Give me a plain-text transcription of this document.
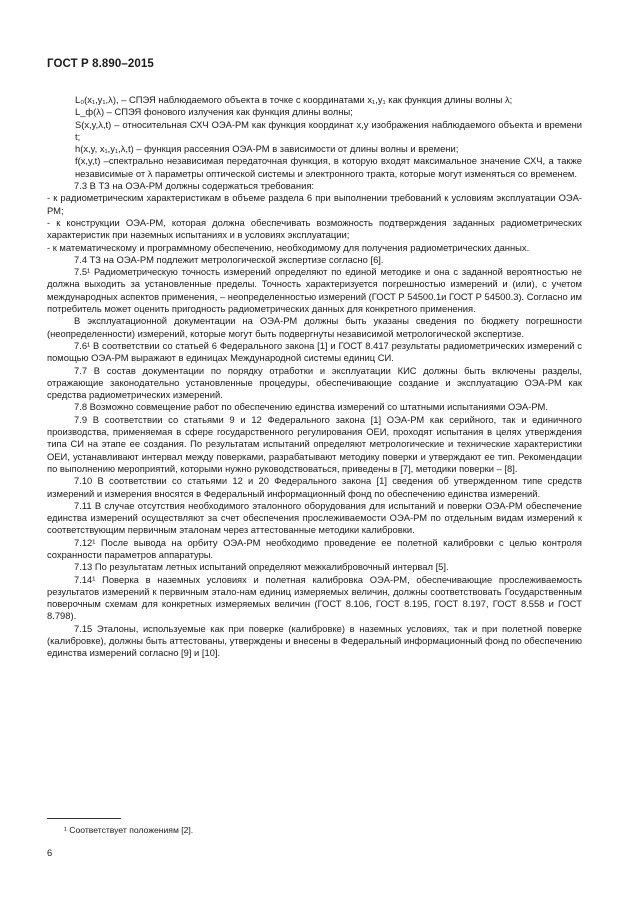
ГОСТ Р 8.890–2015

L₀(x₁,y₁,λ), – СПЭЯ наблюдаемого объекта в точке с координатами x₁,y₁ как функция длины волны λ;

L_ф(λ) – СПЭЯ фонового излучения как функция длины волны;

S(x,y,λ,t) – относительная СХЧ ОЭА-РМ как функция координат x,y изображения наблюдаемого объекта и времени t;

h(x,y, x₁,y₁,λ,t) – функция рассеяния ОЭА-РМ в зависимости от длины волны и времени;

f(x,y,t) –спектрально независимая передаточная функция, в которую входят максимальное значение СХЧ, а также независимые от λ параметры оптической системы и электронного тракта, которые могут изменяться со временем.

7.3 В ТЗ на ОЭА-РМ должны содержаться требования:

- к радиометрическим характеристикам в объеме раздела 6 при выполнении требований к условиям эксплуатации ОЭА-РМ;

- к конструкции ОЭА-РМ, которая должна обеспечивать возможность подтверждения заданных радиометрических характеристик при наземных испытаниях и в условиях эксплуатации;

- к математическому и программному обеспечению, необходимому для получения радиометрических данных.

7.4 ТЗ на ОЭА-РМ подлежит метрологической экспертизе согласно [6].

7.5¹ Радиометрическую точность измерений определяют по единой методике и она с заданной вероятностью не должна выходить за установленные пределы. Точность характеризуется погрешностью измерений и (или), с учетом международных аспектов применения, – неопределенностью измерений (ГОСТ Р 54500.1и ГОСТ Р 54500.3). Согласно им потребитель может оценить пригодность радиометрических данных для конкретного применения.

В эксплуатационной документации на ОЭА-РМ должны быть указаны сведения по бюджету погрешности (неопределенности) измерений, которые могут быть подвергнуты независимой метрологической экспертизе.

7.6¹ В соответствии со статьей 6 Федерального закона [1] и ГОСТ 8.417 результаты радиометрических измерений с помощью ОЭА-РМ выражают в единицах Международной системы единиц СИ.

7.7 В состав документации по порядку отработки и эксплуатации КИС должны быть включены разделы, отражающие законодательно установленные процедуры, обеспечивающие создание и эксплуатацию ОЭА-РМ как средства радиометрических измерений.

7.8 Возможно совмещение работ по обеспечению единства измерений со штатными испытаниями ОЭА-РМ.

7.9 В соответствии со статьями 9 и 12 Федерального закона [1] ОЭА-РМ как серийного, так и единичного производства, применяемая в сфере государственного регулирования ОЕИ, проходят испытания в целях утверждения типа СИ на этапе ее создания. По результатам испытаний определяют метрологические и технические характеристики ОЕИ, устанавливают интервал между поверками, разрабатывают методику поверки и утверждают ее тип. Рекомендации по выполнению мероприятий, которыми нужно руководствоваться, приведены в [7], методики поверки – [8].

7.10 В соответствии со статьями 12 и 20 Федерального закона [1] сведения об утвержденном типе средств измерений и измерения вносятся в Федеральный информационный фонд по обеспечению единства измерений.

7.11 В случае отсутствия необходимого эталонного оборудования для испытаний и поверки ОЭА-РМ обеспечение единства измерений осуществляют за счет обеспечения прослеживаемости ОЭА-РМ по отдельным видам измерений к соответствующим первичным эталонам через аттестованные методики калибровки.

7.12¹ После вывода на орбиту ОЭА-РМ необходимо проведение ее полетной калибровки с целью контроля сохранности параметров аппаратуры.

7.13 По результатам летных испытаний определяют межкалибровочный интервал [5].

7.14¹ Поверка в наземных условиях и полетная калибровка ОЭА-РМ, обеспечивающие прослеживаемость результатов измерений к первичным этало-нам единиц измеряемых величин, должны соответствовать Государственным поверочным схемам для конкретных измеряемых величин (ГОСТ 8.106, ГОСТ 8.195, ГОСТ 8.197, ГОСТ 8.558 и ГОСТ 8.798).

7.15 Эталоны, используемые как при поверке (калибровке) в наземных условиях, так и при полетной поверке (калибровке), должны быть аттестованы, утверждены и внесены в Федеральный информационный фонд по обеспечению единства измерений согласно [9] и [10].

¹ Соответствует положениям [2].
6
